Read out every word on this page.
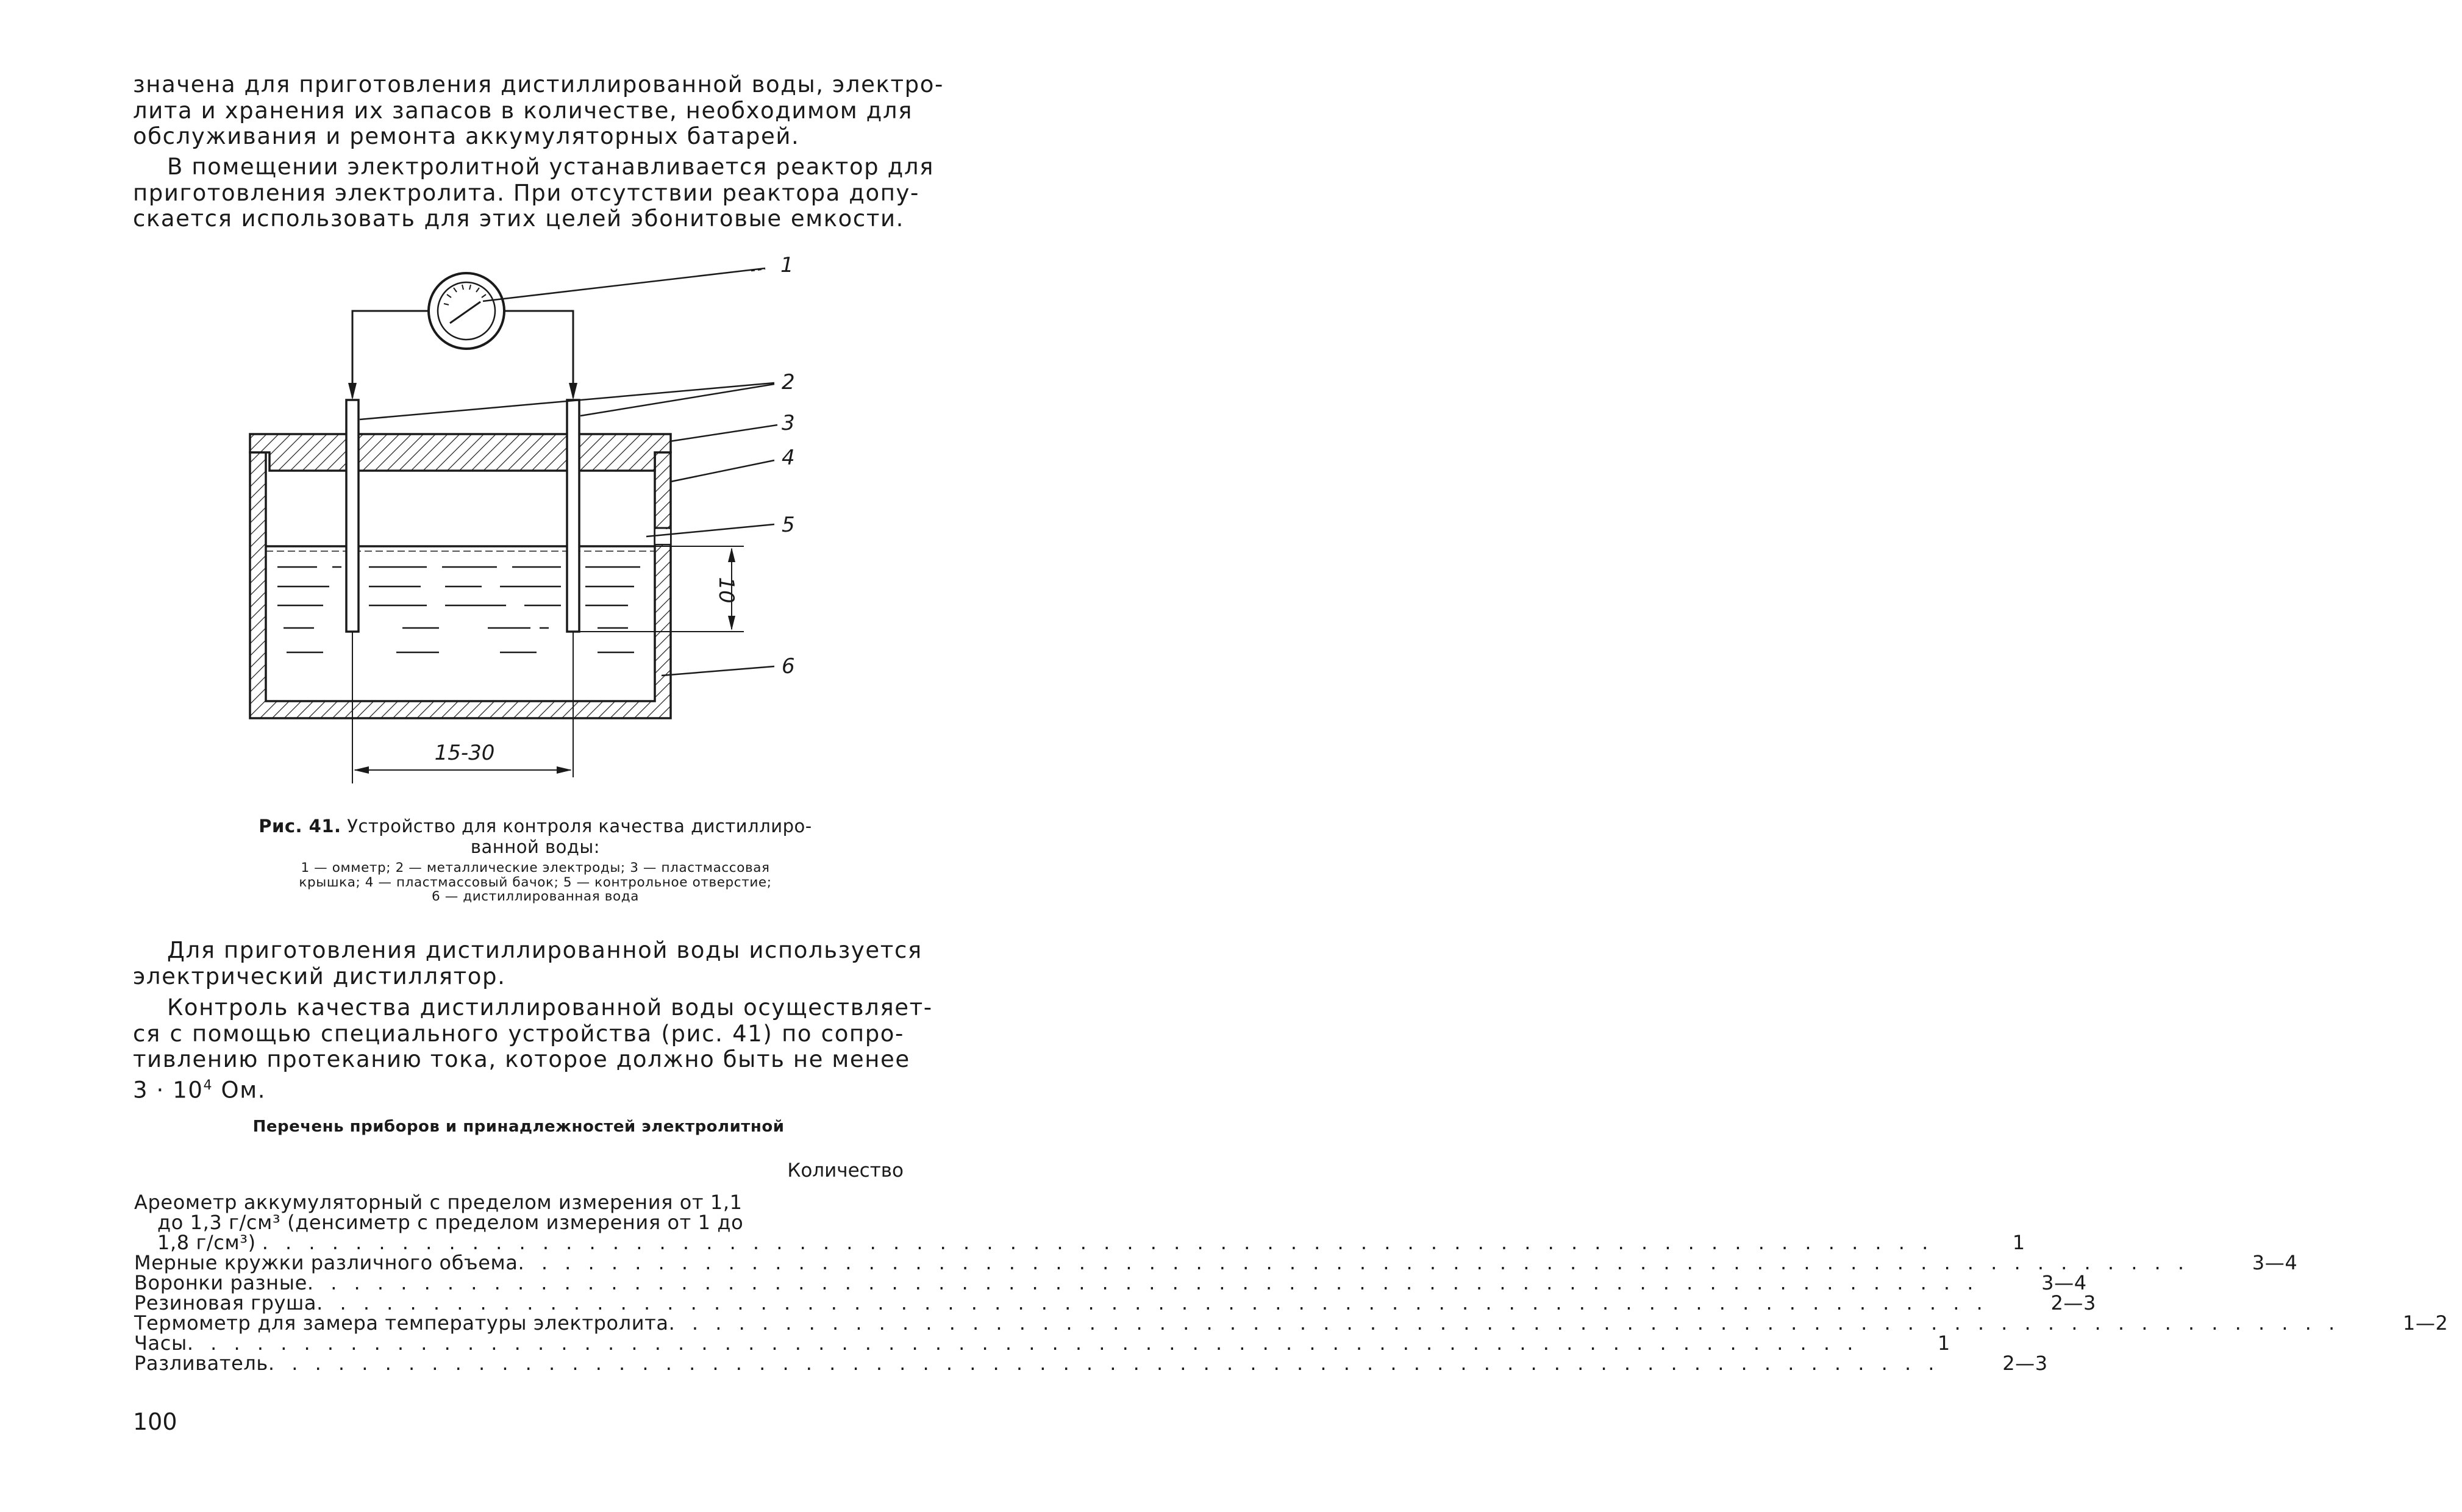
значена для приготовления дистиллированной воды, электро-
лита и хранения их запасов в количестве, необходимом для
обслуживания и ремонта аккумуляторных батарей.
В помещении электролитной устанавливается реактор для
приготовления электролита. При отсутствии реактора допу-
скается использовать для этих целей эбонитовые емкости.
10
15-30
1
2
3
4
5
6
Рис. 41. Устройство для контроля качества дистиллиро-
ванной воды:
1 — омметр; 2 — металлические электроды; 3 — пластмассовая
крышка; 4 — пластмассовый бачок; 5 — контрольное отверстие;
6 — дистиллированная вода
Для приготовления дистиллированной воды используется
электрический дистиллятор.
Контроль качества дистиллированной воды осуществляет-
ся с помощью специального устройства (рис. 41) по сопро-
тивлению протеканию тока, которое должно быть не менее
$3 \cdot 10^4$ Ом.
Перечень приборов и принадлежностей электролитной
Количество
Ареометр аккумуляторный с пределом измерения от 1,1
до 1,3 г/см³ (денсиметр с пределом измерения от 1 до
1,8 г/см³) . . .	1
Мерные кружки различного объема . . .	3—4
Воронки разные . . .	3—4
Резиновая груша . . .	2—3
Термометр для замера температуры электролита . . .	1—2
Часы . . .	1
Разливатель . . .	2—3
100
